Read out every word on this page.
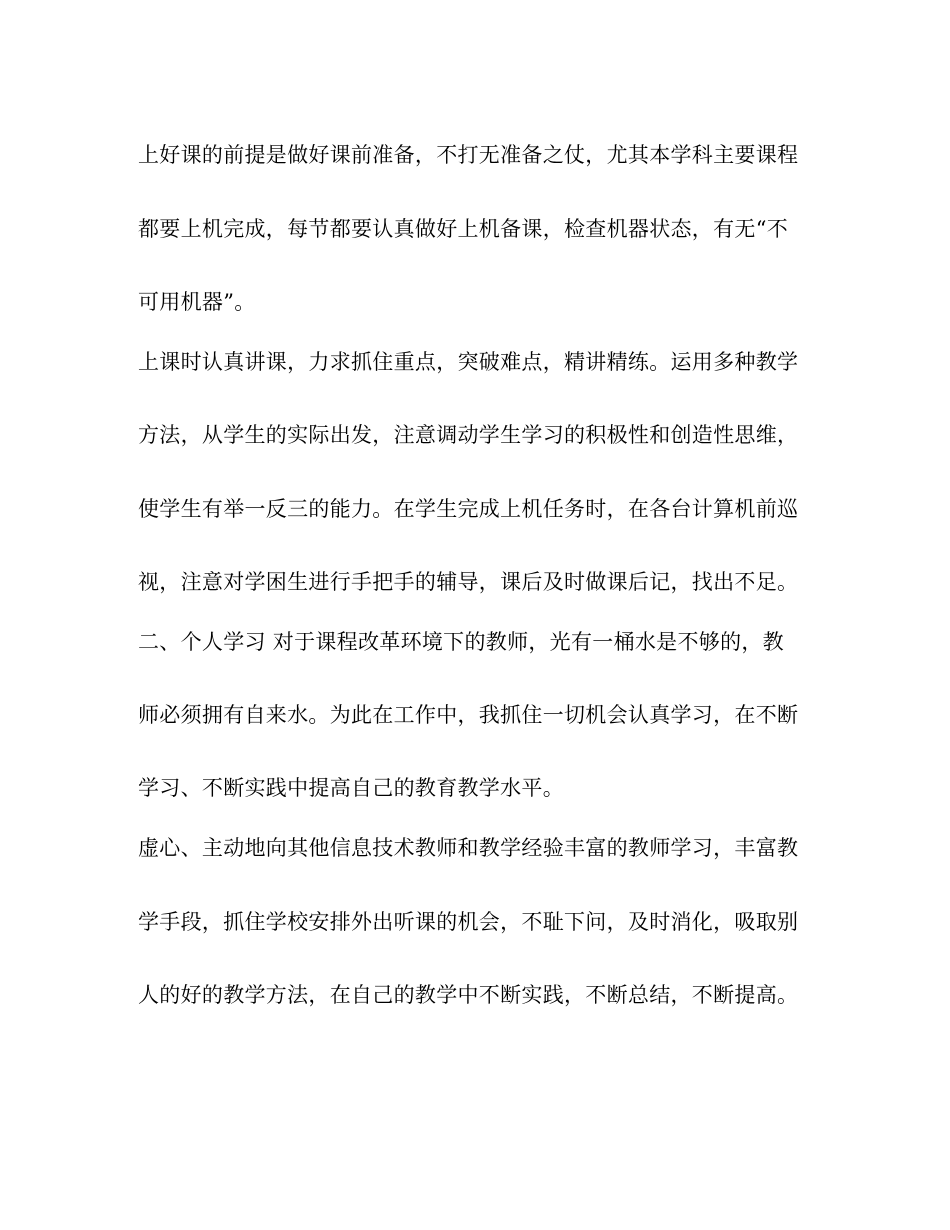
上好课的前提是做好课前准备，不打无准备之仗，尤其本学科主要课程
都要上机完成，每节都要认真做好上机备课，检查机器状态，有无“不
可用机器”。
上课时认真讲课，力求抓住重点，突破难点，精讲精练。运用多种教学
方法，从学生的实际出发，注意调动学生学习的积极性和创造性思维，
使学生有举一反三的能力。在学生完成上机任务时，在各台计算机前巡
视，注意对学困生进行手把手的辅导，课后及时做课后记，找出不足。
二、个人学习 对于课程改革环境下的教师，光有一桶水是不够的，教
师必须拥有自来水。为此在工作中，我抓住一切机会认真学习，在不断
学习、不断实践中提高自己的教育教学水平。
虚心、主动地向其他信息技术教师和教学经验丰富的教师学习，丰富教
学手段，抓住学校安排外出听课的机会，不耻下问，及时消化，吸取别
人的好的教学方法，在自己的教学中不断实践，不断总结，不断提高。
